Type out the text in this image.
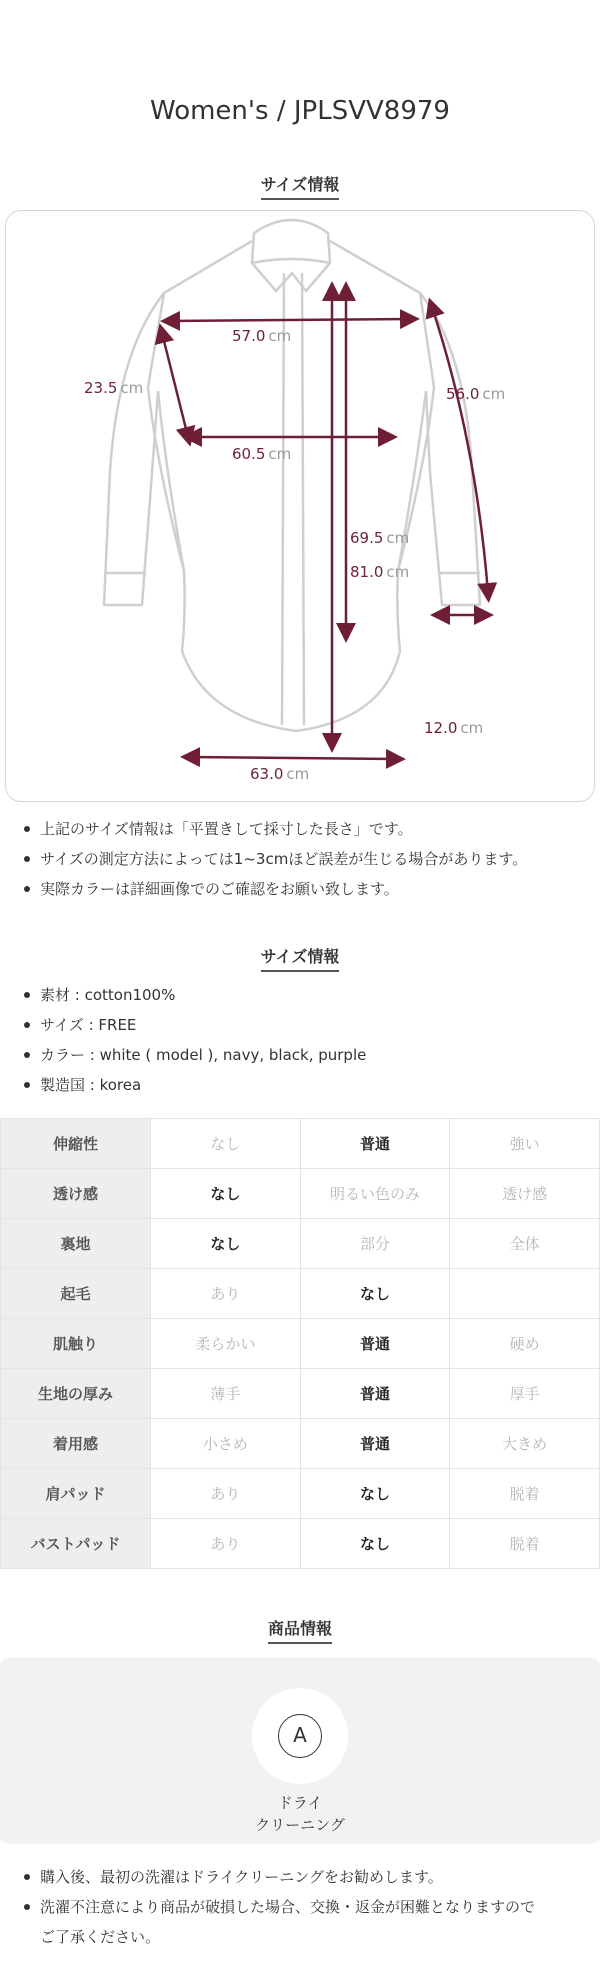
Women's / JPLSVV8979
サイズ情報
57.0 cm
23.5 cm
60.5 cm
56.0 cm
69.5 cm
81.0 cm
12.0 cm
63.0 cm
上記のサイズ情報は「平置きして採寸した長さ」です。
サイズの測定方法によっては1~3cmほど誤差が生じる場合があります。
実際カラーは詳細画像でのご確認をお願い致します。
サイズ情報
素材 : cotton100%
サイズ : FREE
カラー : white ( model ), navy, black, purple
製造国 : korea
伸縮性	なし	普通	強い
透け感	なし	明るい色のみ	透け感
裏地	なし	部分	全体
起毛	あり	なし	
肌触り	柔らかい	普通	硬め
生地の厚み	薄手	普通	厚手
着用感	小さめ	普通	大きめ
肩パッド	あり	なし	脱着
バストパッド	あり	なし	脱着
商品情報
A
ドライ
クリーニング
購入後、最初の洗濯はドライクリーニングをお勧めします。
洗濯不注意により商品が破損した場合、交換・返金が困難となりますので
ご了承ください。
